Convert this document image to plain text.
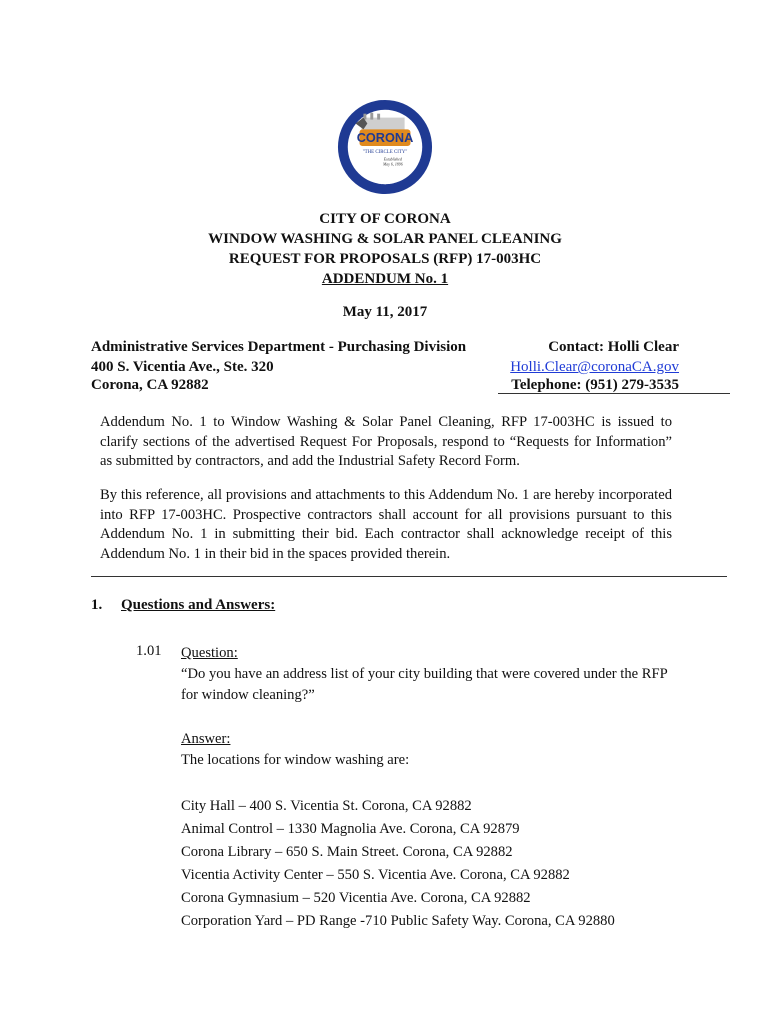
To Connect Our Past · To Our Futu
CORONA
"THE CIRCLE CITY"
Established
May 6, 1896
CITY OF CORONA
WINDOW WASHING & SOLAR PANEL CLEANING
REQUEST FOR PROPOSALS (RFP) 17-003HC
ADDENDUM No. 1
May 11, 2017
Administrative Services Department - Purchasing Division
400 S. Vicentia Ave., Ste. 320
Corona, CA 92882
Contact: Holli Clear
Holli.Clear@coronaCA.gov
Telephone: (951) 279-3535
Addendum No. 1 to Window Washing & Solar Panel Cleaning, RFP 17-003HC is issued to clarify sections of the advertised Request For Proposals, respond to “Requests for Information” as submitted by contractors, and add the Industrial Safety Record Form.
By this reference, all provisions and attachments to this Addendum No. 1 are hereby incorporated into RFP 17-003HC. Prospective contractors shall account for all provisions pursuant to this Addendum No. 1 in submitting their bid. Each contractor shall acknowledge receipt of this Addendum No. 1 in their bid in the spaces provided therein.
1. Questions and Answers:
1.01 Question:
“Do you have an address list of your city building that were covered under the RFP for window cleaning?”
Answer:
The locations for window washing are:
City Hall – 400 S. Vicentia St. Corona, CA 92882
Animal Control – 1330 Magnolia Ave. Corona, CA 92879
Corona Library – 650 S. Main Street. Corona, CA 92882
Vicentia Activity Center – 550 S. Vicentia Ave. Corona, CA 92882
Corona Gymnasium – 520 Vicentia Ave. Corona, CA 92882
Corporation Yard – PD Range -710 Public Safety Way. Corona, CA 92880
